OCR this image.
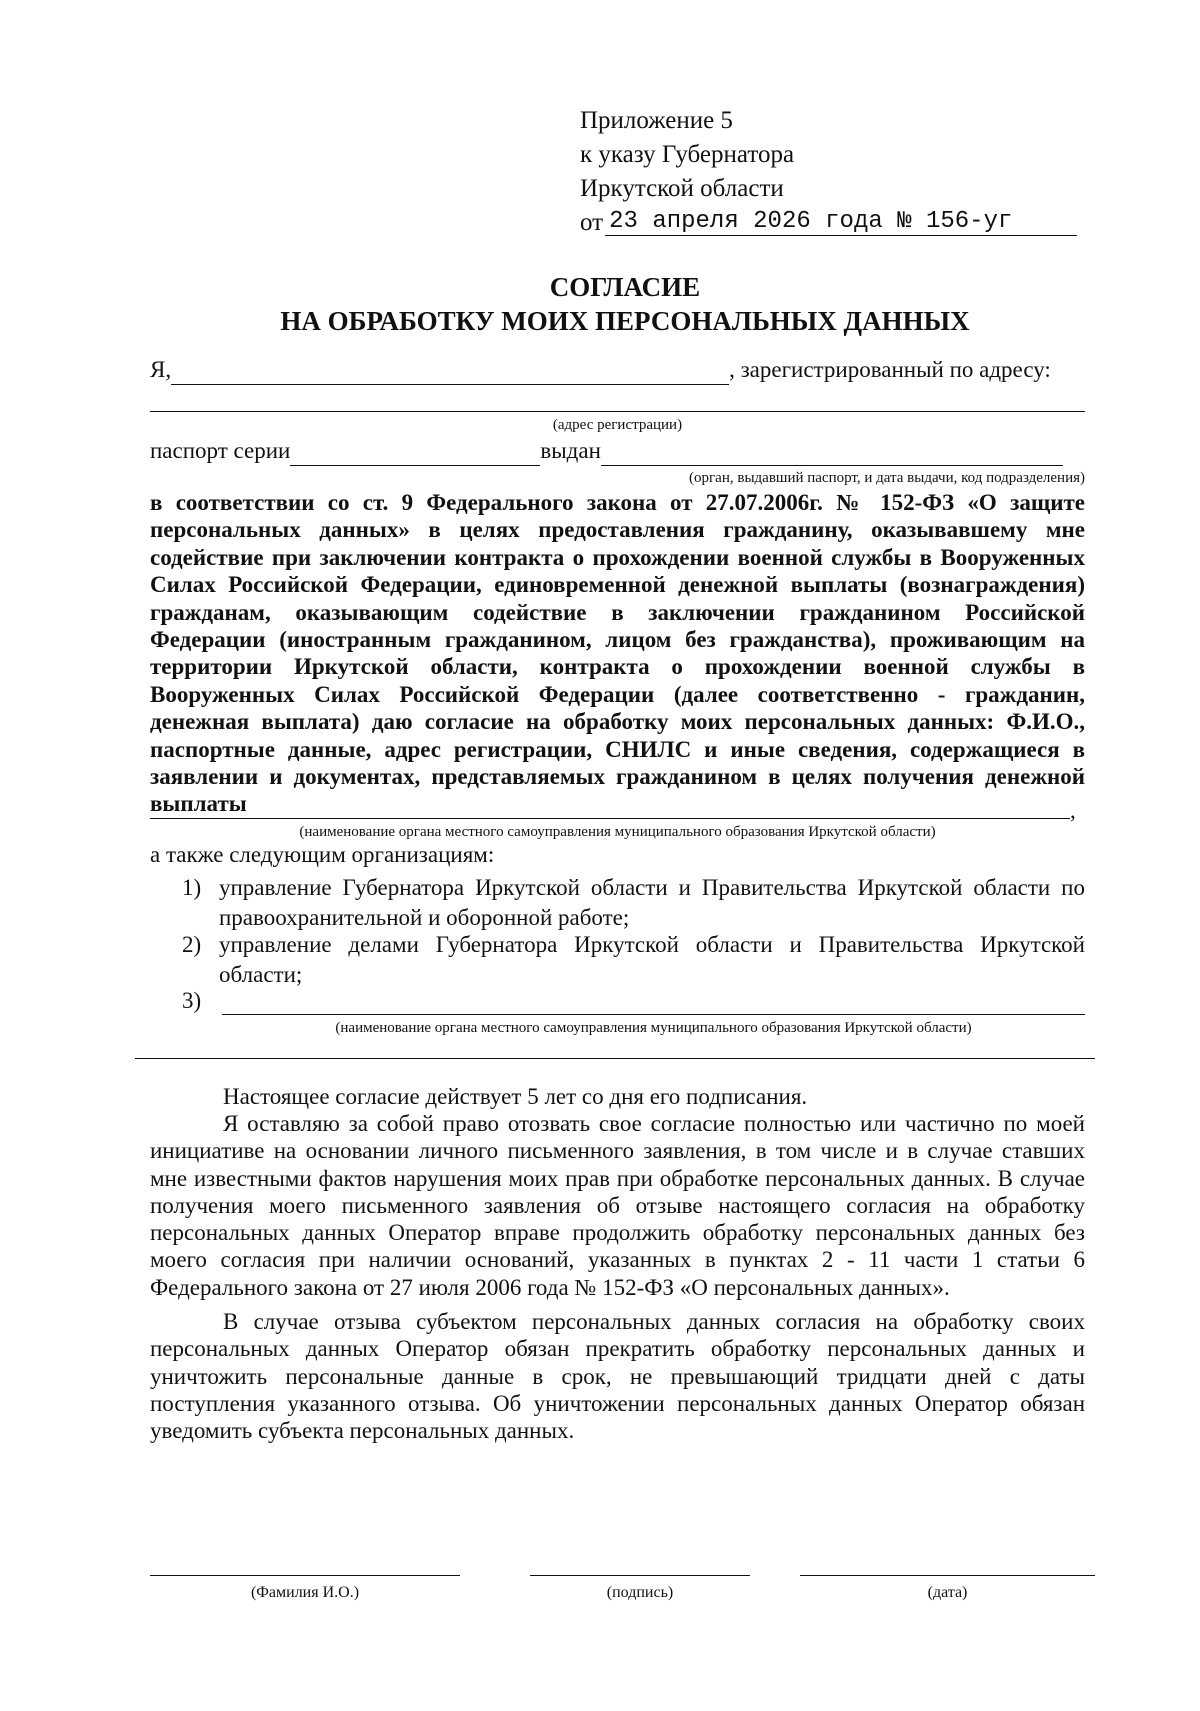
Приложение 5
к указу Губернатора
Иркутской области
от 23 апреля 2026 года № 156-уг
СОГЛАСИЕ
НА ОБРАБОТКУ МОИХ ПЕРСОНАЛЬНЫХ ДАННЫХ
Я,	, зарегистрированный по адресу:
(адрес регистрации)
паспорт серии	выдан
(орган, выдавший паспорт, и дата выдачи, код подразделения)
в соответствии со ст. 9 Федерального закона от 27.07.2006г. № 152-ФЗ «О защите персональных данных» в целях предоставления гражданину, оказывавшему мне содействие при заключении контракта о прохождении военной службы в Вооруженных Силах Российской Федерации, единовременной денежной выплаты (вознаграждения) гражданам, оказывающим содействие в заключении гражданином Российской Федерации (иностранным гражданином, лицом без гражданства), проживающим на территории Иркутской области, контракта о прохождении военной службы в Вооруженных Силах Российской Федерации (далее соответственно - гражданин, денежная выплата) даю согласие на обработку моих персональных данных: Ф.И.О., паспортные данные, адрес регистрации, СНИЛС и иные сведения, содержащиеся в заявлении и документах, представляемых гражданином в целях получения денежной выплаты	,
(наименование органа местного самоуправления муниципального образования Иркутской области)
а также следующим организациям:
1) управление Губернатора Иркутской области и Правительства Иркутской области по правоохранительной и оборонной работе;
2) управление делами Губернатора Иркутской области и Правительства Иркутской области;
3)
(наименование органа местного самоуправления муниципального образования Иркутской области)
Настоящее согласие действует 5 лет со дня его подписания.
Я оставляю за собой право отозвать свое согласие полностью или частично по моей инициативе на основании личного письменного заявления, в том числе и в случае ставших мне известными фактов нарушения моих прав при обработке персональных данных. В случае получения моего письменного заявления об отзыве настоящего согласия на обработку персональных данных Оператор вправе продолжить обработку персональных данных без моего согласия при наличии оснований, указанных в пунктах 2 - 11 части 1 статьи 6 Федерального закона от 27 июля 2006 года № 152-ФЗ «О персональных данных».
В случае отзыва субъектом персональных данных согласия на обработку своих персональных данных Оператор обязан прекратить обработку персональных данных и уничтожить персональные данные в срок, не превышающий тридцати дней с даты поступления указанного отзыва. Об уничтожении персональных данных Оператор обязан уведомить субъекта персональных данных.
(Фамилия И.О.)	(подпись)	(дата)
